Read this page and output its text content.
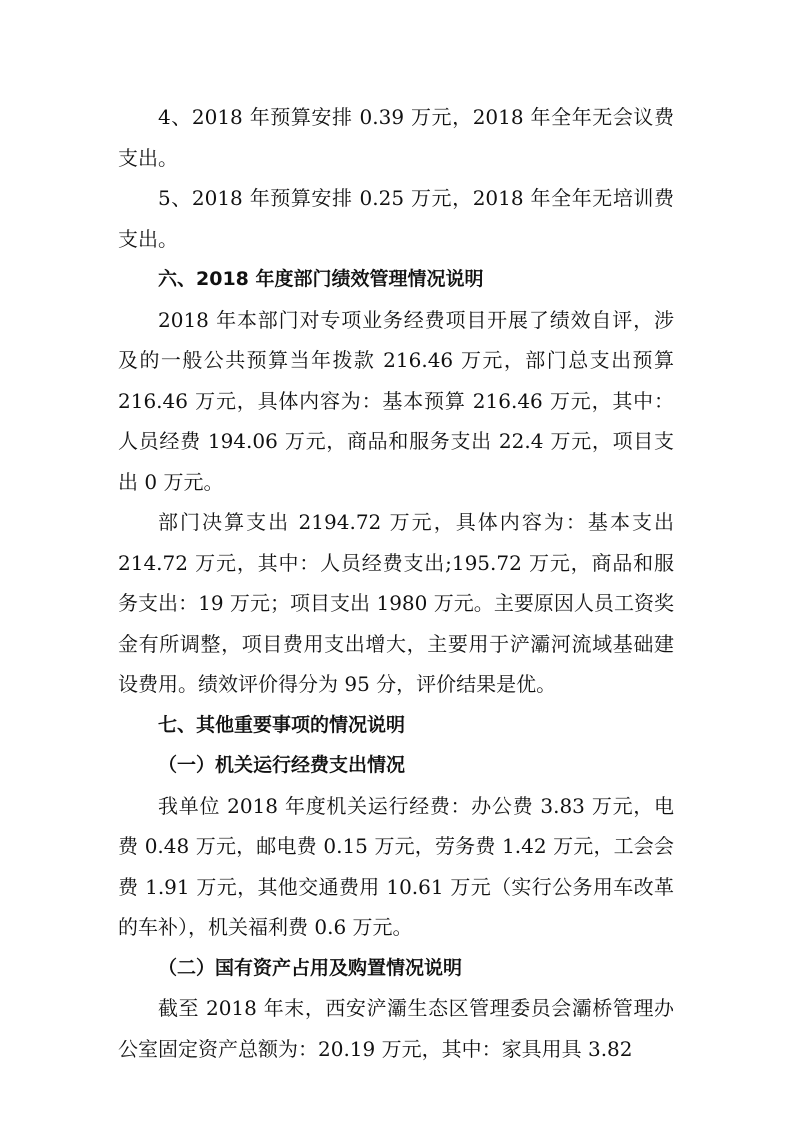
4、2018 年预算安排 0.39 万元，2018 年全年无会议费支出。

5、2018 年预算安排 0.25 万元，2018 年全年无培训费支出。

六、2018 年度部门绩效管理情况说明

2018 年本部门对专项业务经费项目开展了绩效自评，涉及的一般公共预算当年拨款 216.46 万元，部门总支出预算 216.46 万元，具体内容为：基本预算 216.46 万元，其中：人员经费 194.06 万元，商品和服务支出 22.4 万元，项目支出 0 万元。

部门决算支出 2194.72 万元，具体内容为：基本支出 214.72 万元，其中：人员经费支出;195.72 万元，商品和服务支出：19 万元；项目支出 1980 万元。主要原因人员工资奖金有所调整，项目费用支出增大，主要用于浐灞河流域基础建设费用。绩效评价得分为 95 分，评价结果是优。

七、其他重要事项的情况说明

（一）机关运行经费支出情况

我单位 2018 年度机关运行经费：办公费 3.83 万元，电费 0.48 万元，邮电费 0.15 万元，劳务费 1.42 万元，工会会费 1.91 万元，其他交通费用 10.61 万元（实行公务用车改革的车补），机关福利费 0.6 万元。

（二）国有资产占用及购置情况说明

截至 2018 年末，西安浐灞生态区管理委员会灞桥管理办公室固定资产总额为：20.19 万元，其中：家具用具 3.82
